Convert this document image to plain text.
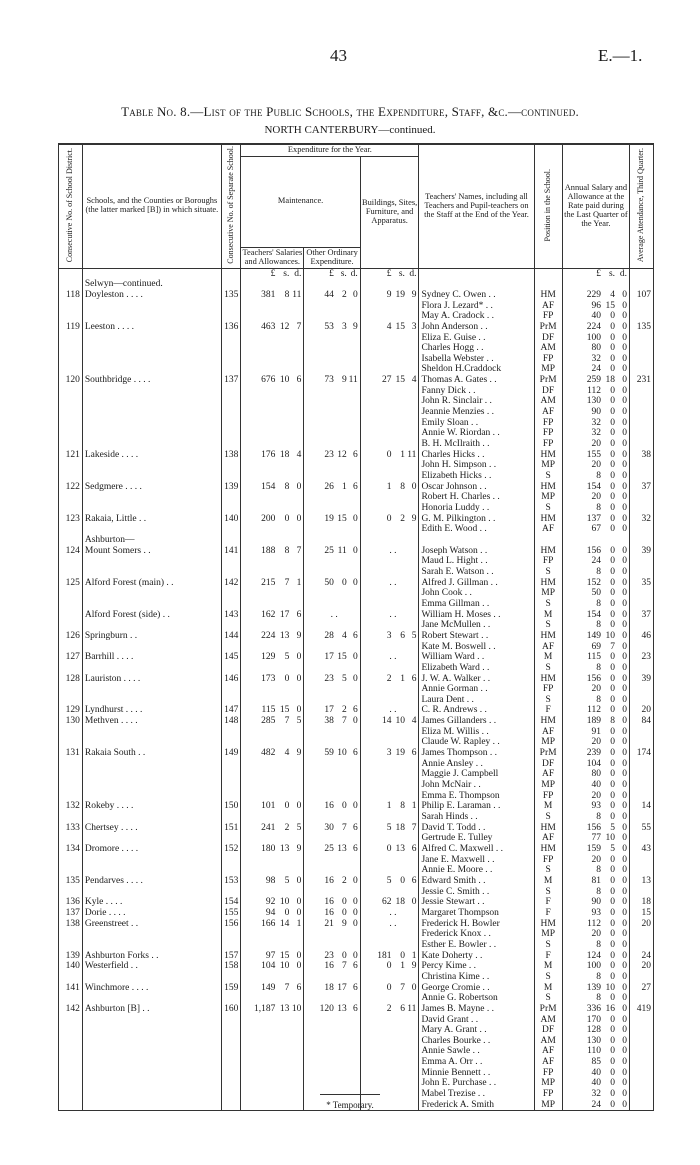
43	E.—1.
Table No. 8.—List of the Public Schools, the Expenditure, Staff, &c.—continued.
NORTH CANTERBURY—continued.
Consecutive No. of School District.	Schools, and the Counties or Boroughs (the latter marked [B]) in which situate.	Consecutive No. of Separate School.	Expenditure for the Year.			Teachers' Names, including all Teachers and Pupil-teachers on the Staff at the End of the Year.	Position in the School.	Annual Salary and Allowance at the Rate paid during the Last Quarter of the Year.	Average Attendance, Third Quarter.
			Maintenance.		Buildings, Sites, Furniture, and Apparatus.				
			Teachers' Salaries and Allowances.	Other Ordinary Expenditure.					

			£ s. d.	£ s. d.	£ s. d.			£ s. d.	

	Selwyn—continued.		

118	Doyleston . . . .	135	381 8 11	44 2 0	9 19 9	Sydney C. Owen . .	HM	229 4 0	107

	Flora J. Lezard* . .	AF	96 15 0	

	May A. Cradock . .	FP	40 0 0	

119	Leeston . . . .	136	463 12 7	53 3 9	4 15 3	John Anderson . .	PrM	224 0 0	135

	Eliza E. Guise . .	DF	100 0 0	

	Charles Hogg . .	AM	80 0 0	

	Isabella Webster . .	FP	32 0 0	

	Sheldon H.Craddock	MP	24 0 0	

120	Southbridge . . . .	137	676 10 6	73 9 11	27 15 4	Thomas A. Gates . .	PrM	259 18 0	231

	Fanny Dick . .	DF	112 0 0	

	John R. Sinclair . .	AM	130 0 0	

	Jeannie Menzies . .	AF	90 0 0	

	Emily Sloan . .	FP	32 0 0	

	Annie W. Riordan . .	FP	32 0 0	

	B. H. McIlraith . .	FP	20 0 0	

121	Lakeside . . . .	138	176 18 4	23 12 6	0 1 11	Charles Hicks . .	HM	155 0 0	38

	John H. Simpson . .	MP	20 0 0	

	Elizabeth Hicks . .	S	8 0 0	

122	Sedgmere . . . .	139	154 8 0	26 1 6	1 8 0	Oscar Johnson . .	HM	154 0 0	37

	Robert H. Charles . .	MP	20 0 0	

	Honoria Luddy . .	S	8 0 0	

123	Rakaia, Little . .	140	200 0 0	19 15 0	0 2 9	G. M. Pilkington . .	HM	137 0 0	32

	Edith E. Wood . .	AF	67 0 0	

	Ashburton—		

124	Mount Somers . .	141	188 8 7	25 11 0	. .	Joseph Watson . .	HM	156 0 0	39

	Maud L. Hight . .	FP	24 0 0	

	Sarah E. Watson . .	S	8 0 0	

125	Alford Forest (main) . .	142	215 7 1	50 0 0	. .	Alfred J. Gillman . .	HM	152 0 0	35

	John Cook . .	MP	50 0 0	

	Emma Gillman . .	S	8 0 0	

	Alford Forest (side) . .	143	162 17 6	. .	. .	William H. Moses . .	M	154 0 0	37

	Jane McMullen . .	S	8 0 0	

126	Springburn . .	144	224 13 9	28 4 6	3 6 5	Robert Stewart . .	HM	149 10 0	46

	Kate M. Boswell . .	AF	69 7 0	

127	Barrhill . . . .	145	129 5 0	17 15 0	. .	William Ward . .	M	115 0 0	23

	Elizabeth Ward . .	S	8 0 0	

128	Lauriston . . . .	146	173 0 0	23 5 0	2 1 6	J. W. A. Walker . .	HM	156 0 0	39

	Annie Gorman . .	FP	20 0 0	

	Laura Dent . .	S	8 0 0	

129	Lyndhurst . . . .	147	115 15 0	17 2 6	. .	C. R. Andrews . .	F	112 0 0	20
130	Methven . . . .	148	285 7 5	38 7 0	14 10 4	James Gillanders . .	HM	189 8 0	84

	Eliza M. Willis . .	AF	91 0 0	

	Claude W. Rapley . .	MP	20 0 0	

131	Rakaia South . .	149	482 4 9	59 10 6	3 19 6	James Thompson . .	PrM	239 0 0	174

	Annie Ansley . .	DF	104 0 0	

	Maggie J. Campbell	AF	80 0 0	

	John McNair . .	MP	40 0 0	

	Emma E. Thompson	FP	20 0 0	

132	Rokeby . . . .	150	101 0 0	16 0 0	1 8 1	Philip E. Laraman . .	M	93 0 0	14

	Sarah Hinds . .	S	8 0 0	

133	Chertsey . . . .	151	241 2 5	30 7 6	5 18 7	David T. Todd . .	HM	156 5 0	55

	Gertrude E. Tulley	AF	77 10 0	

134	Dromore . . . .	152	180 13 9	25 13 6	0 13 6	Alfred C. Maxwell . .	HM	159 5 0	43

	Jane E. Maxwell . .	FP	20 0 0	

	Annie E. Moore . .	S	8 0 0	

135	Pendarves . . . .	153	98 5 0	16 2 0	5 0 6	Edward Smith . .	M	81 0 0	13

	Jessie C. Smith . .	S	8 0 0	

136	Kyle . . . .	154	92 10 0	16 0 0	62 18 0	Jessie Stewart . .	F	90 0 0	18
137	Dorie . . . .	155	94 0 0	16 0 0	. .	Margaret Thompson	F	93 0 0	15
138	Greenstreet . .	156	166 14 1	21 9 0	. .	Frederick H. Bowler	HM	112 0 0	20

	Frederick Knox . .	MP	20 0 0	

	Esther E. Bowler . .	S	8 0 0	

139	Ashburton Forks . .	157	97 15 0	23 0 0	181 0 1	Kate Doherty . .	F	124 0 0	24
140	Westerfield . .	158	104 10 0	16 7 6	0 1 9	Percy Kime . .	M	100 0 0	20

	Christina Kime . .	S	8 0 0	

141	Winchmore . . . .	159	149 7 6	18 17 6	0 7 0	George Cromie . .	M	139 10 0	27

	Annie G. Robertson	S	8 0 0	

142	Ashburton [B] . .	160	1,187 13 10	120 13 6	2 6 11	James B. Mayne . .	PrM	336 16 0	419

	David Grant . .	AM	170 0 0	

	Mary A. Grant . .	DF	128 0 0	

	Charles Bourke . .	AM	130 0 0	

	Annie Sawle . .	AF	110 0 0	

	Emma A. Orr . .	AF	85 0 0	

	Minnie Bennett . .	FP	40 0 0	

	John E. Purchase . .	MP	40 0 0	

	Mabel Trezise . .	FP	32 0 0	

	Frederick A. Smith	MP	24 0 0	

* Temporary.
